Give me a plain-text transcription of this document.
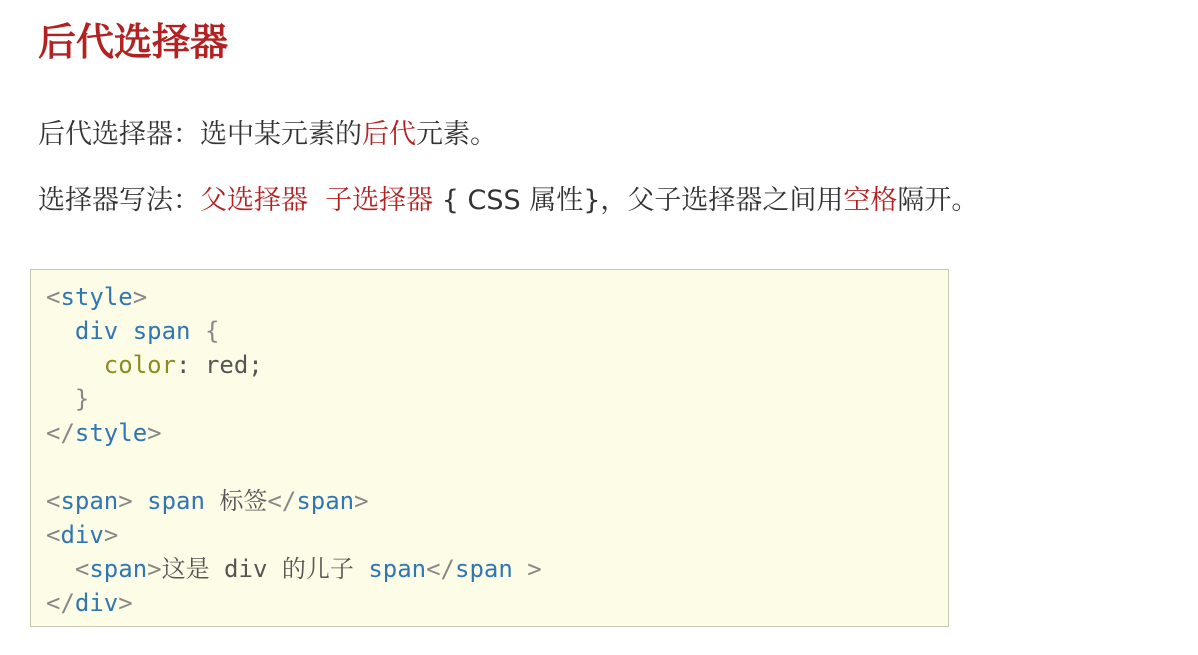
后代选择器
后代选择器：选中某元素的后代元素。
选择器写法：父选择器 子选择器 { CSS 属性}，父子选择器之间用空格隔开。
<style>
div span {
color: red;
}
</style>
<span> span 标签</span>
<div>
<span>这是 div 的儿子 span</span >
</div>
